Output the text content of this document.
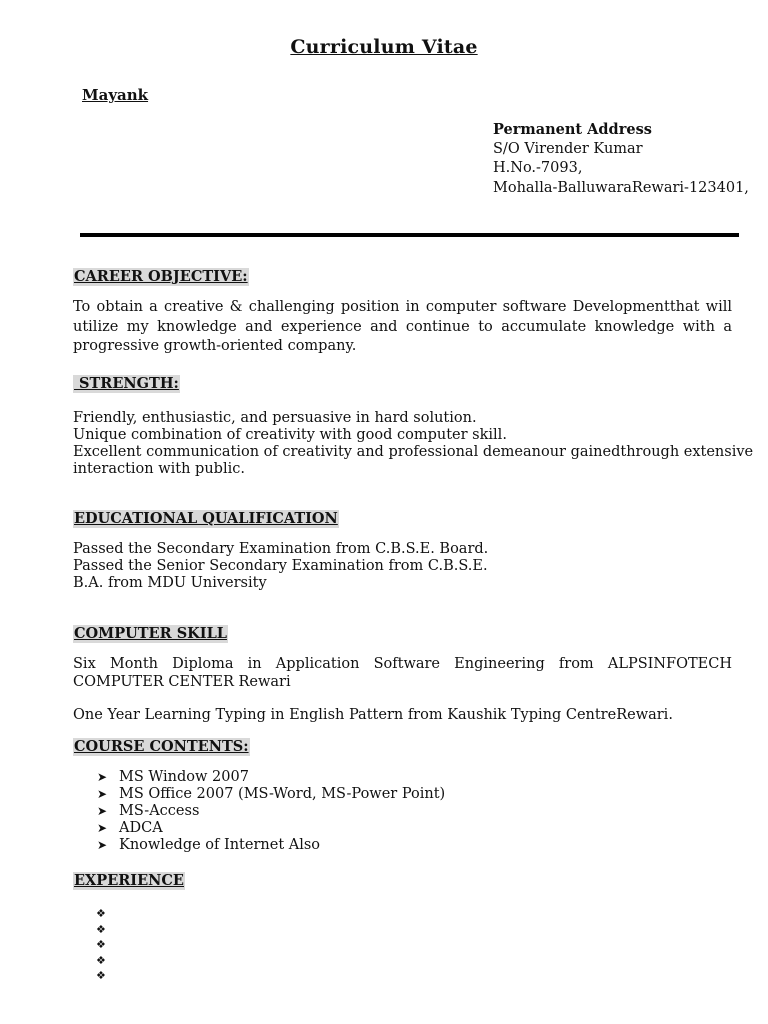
Curriculum Vitae
Mayank
Permanent Address
S/O Virender Kumar
H.No.-7093,
Mohalla-BalluwaraRewari-123401,
CAREER OBJECTIVE:
To obtain a creative & challenging position in computer software Developmentthat will utilize my knowledge and experience and continue to accumulate knowledge with a progressive growth-oriented company.
STRENGTH:
Friendly, enthusiastic, and persuasive in hard solution.
Unique combination of creativity with good computer skill.
Excellent communication of creativity and professional demeanour gainedthrough extensive
interaction with public.
EDUCATIONAL QUALIFICATION
Passed the Secondary Examination from C.B.S.E. Board.
Passed the Senior Secondary Examination from C.B.S.E.
B.A. from MDU University
COMPUTER SKILL
Six Month Diploma in Application Software Engineering from ALPSINFOTECH COMPUTER CENTER Rewari
One Year Learning Typing in English Pattern from Kaushik Typing CentreRewari.
COURSE CONTENTS:
➤ MS Window 2007
➤ MS Office 2007 (MS-Word, MS-Power Point)
➤ MS-Access
➤ ADCA
➤ Knowledge of Internet Also
EXPERIENCE
❖
❖
❖
❖
❖
